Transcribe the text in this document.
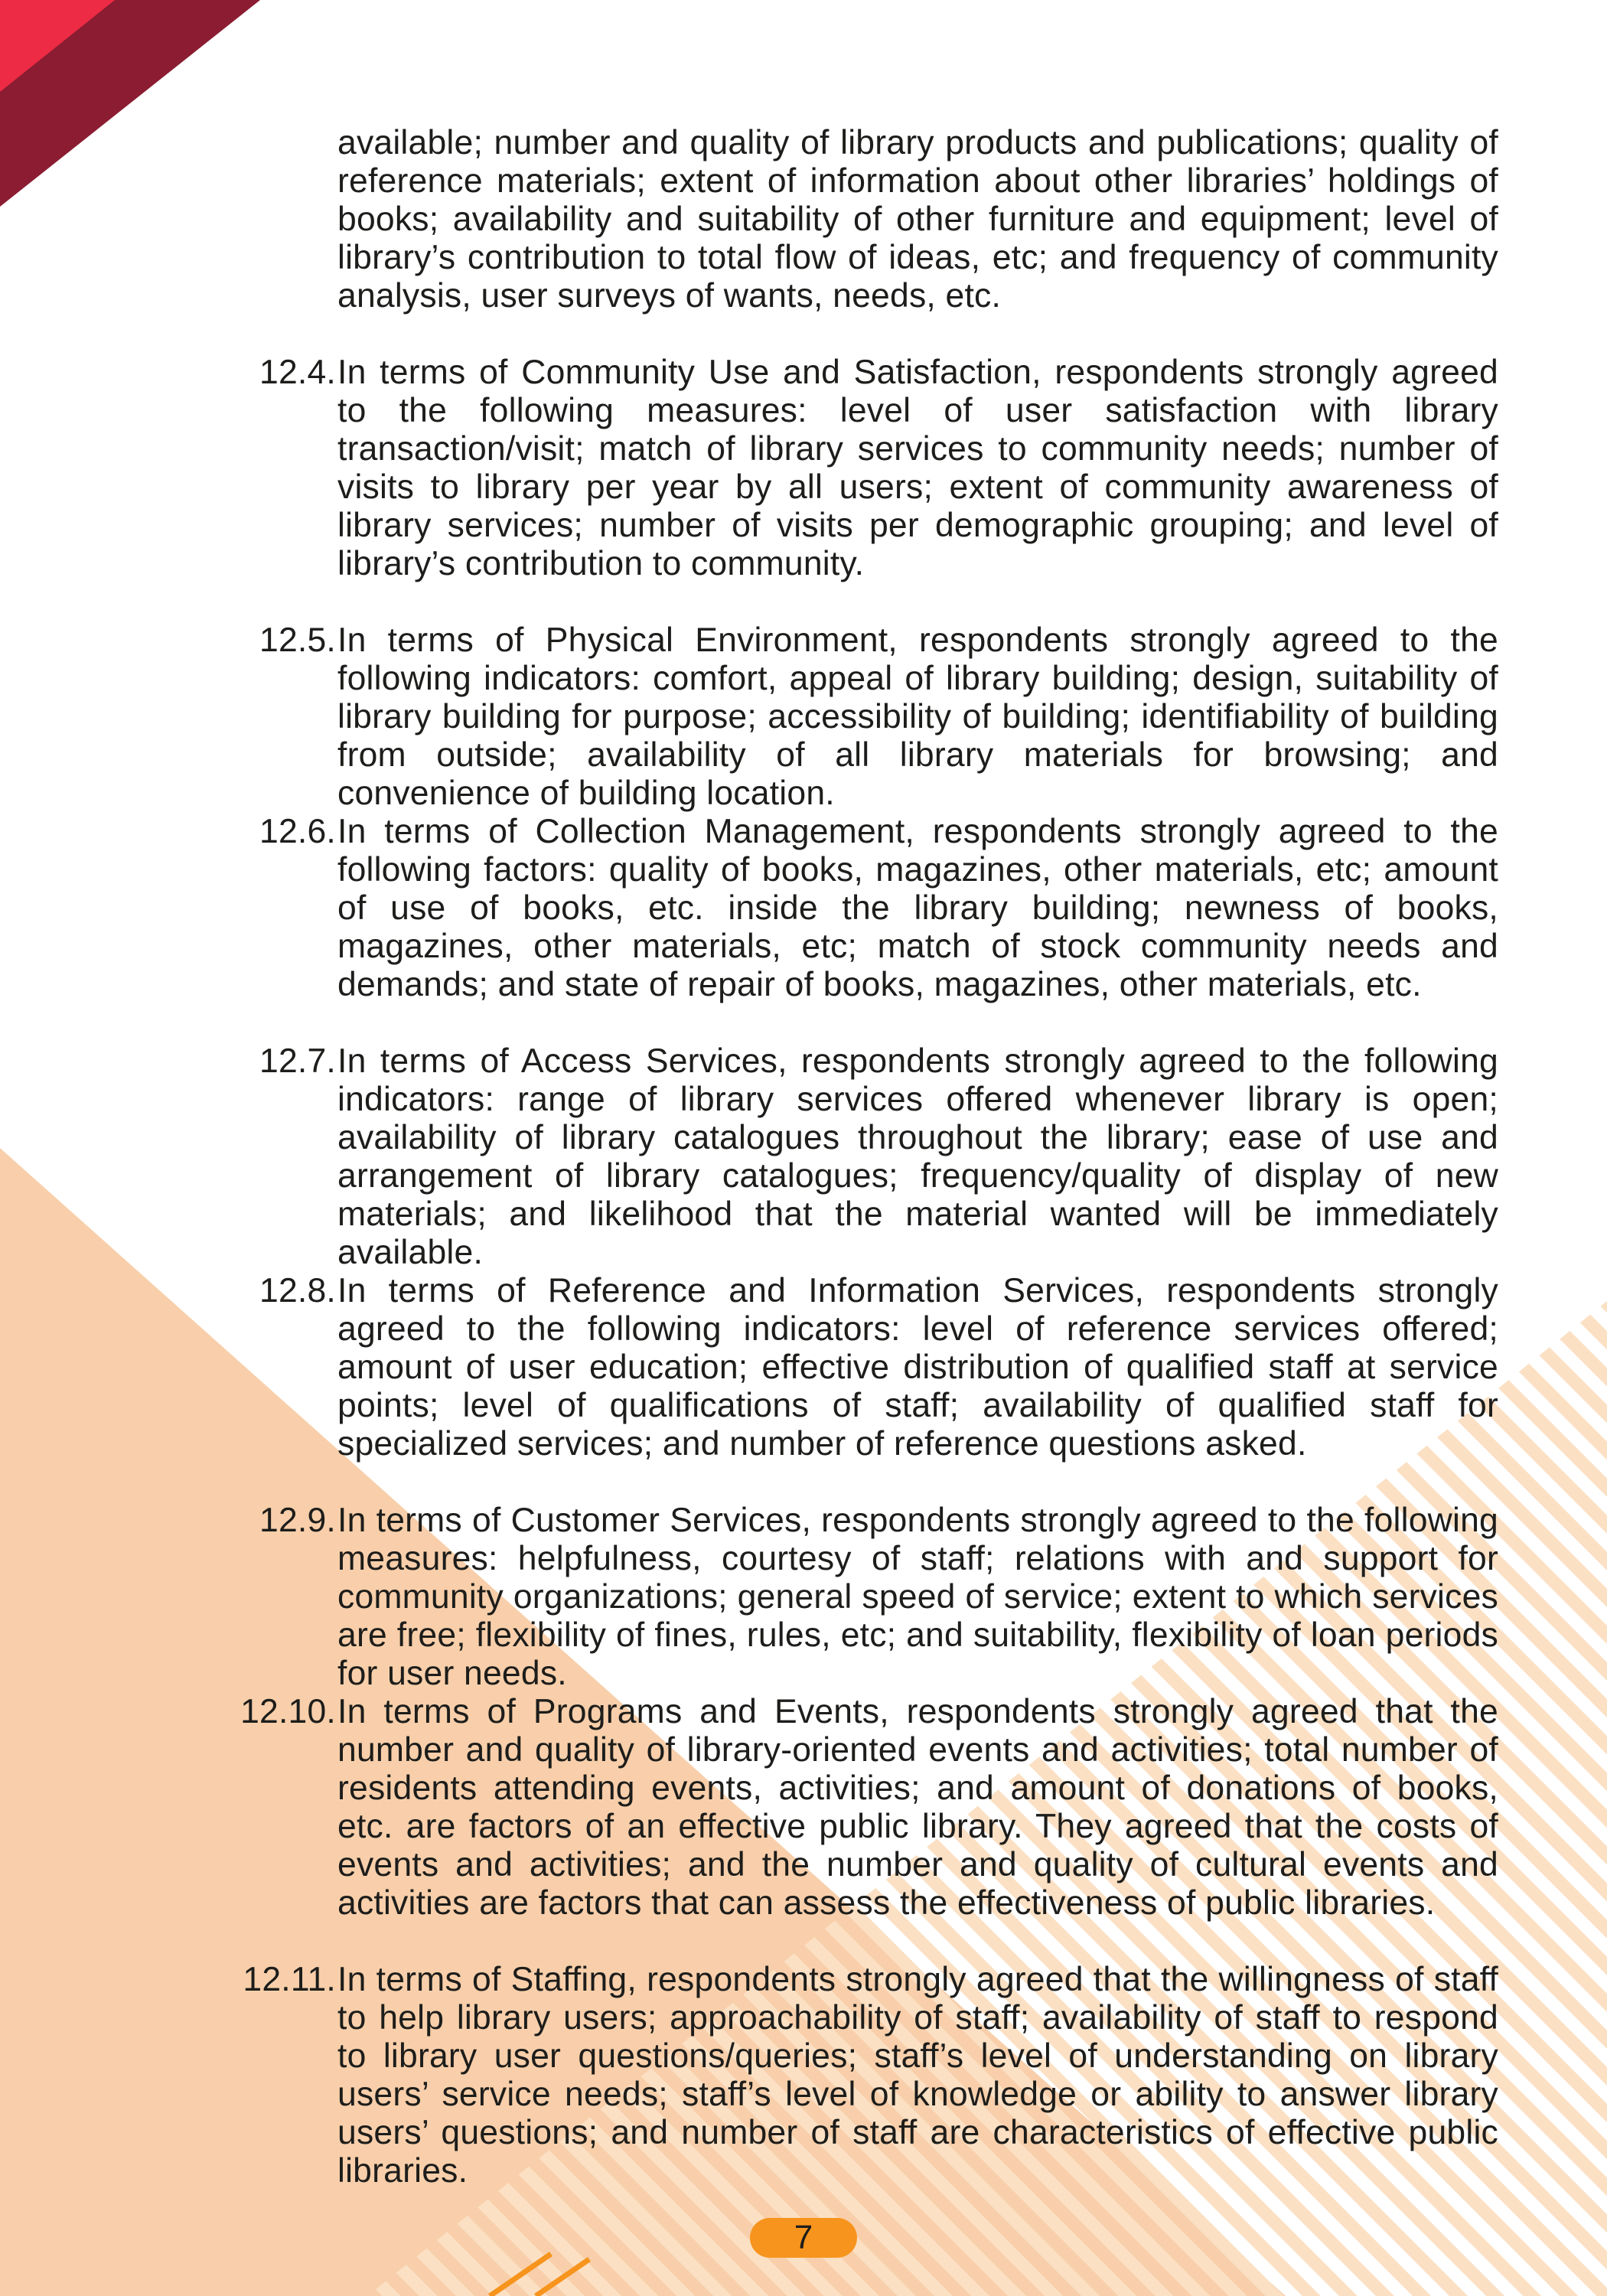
available; number and quality of library products and publications; quality of reference materials; extent of information about other libraries’ holdings of books; availability and suitability of other furniture and equipment; level of library’s contribution to total flow of ideas, etc; and frequency of community analysis, user surveys of wants, needs, etc.

12.4. In terms of Community Use and Satisfaction, respondents strongly agreed to the following measures: level of user satisfaction with library transaction/visit; match of library services to community needs; number of visits to library per year by all users; extent of community awareness of library services; number of visits per demographic grouping; and level of library’s contribution to community.
12.5. In terms of Physical Environment, respondents strongly agreed to the following indicators: comfort, appeal of library building; design, suitability of library building for purpose; accessibility of building; identifiability of building from outside; availability of all library materials for browsing; and convenience of building location.
12.6. In terms of Collection Management, respondents strongly agreed to the following factors: quality of books, magazines, other materials, etc; amount of use of books, etc. inside the library building; newness of books, magazines, other materials, etc; match of stock community needs and demands; and state of repair of books, magazines, other materials, etc.
12.7. In terms of Access Services, respondents strongly agreed to the following indicators: range of library services offered whenever library is open; availability of library catalogues throughout the library; ease of use and arrangement of library catalogues; frequency/quality of display of new materials; and likelihood that the material wanted will be immediately available.
12.8. In terms of Reference and Information Services, respondents strongly agreed to the following indicators: level of reference services offered; amount of user education; effective distribution of qualified staff at service points; level of qualifications of staff; availability of qualified staff for specialized services; and number of reference questions asked.
12.9. In terms of Customer Services, respondents strongly agreed to the following measures: helpfulness, courtesy of staff; relations with and support for community organizations; general speed of service; extent to which services are free; flexibility of fines, rules, etc; and suitability, flexibility of loan periods for user needs.
12.10. In terms of Programs and Events, respondents strongly agreed that the number and quality of library-oriented events and activities; total number of residents attending events, activities; and amount of donations of books, etc. are factors of an effective public library. They agreed that the costs of events and activities; and the number and quality of cultural events and activities are factors that can assess the effectiveness of public libraries.
12.11. In terms of Staffing, respondents strongly agreed that the willingness of staff to help library users; approachability of staff; availability of staff to respond to library user questions/queries; staff’s level of understanding on library users’ service needs; staff’s level of knowledge or ability to answer library users’ questions; and number of staff are characteristics of effective public libraries.
7
